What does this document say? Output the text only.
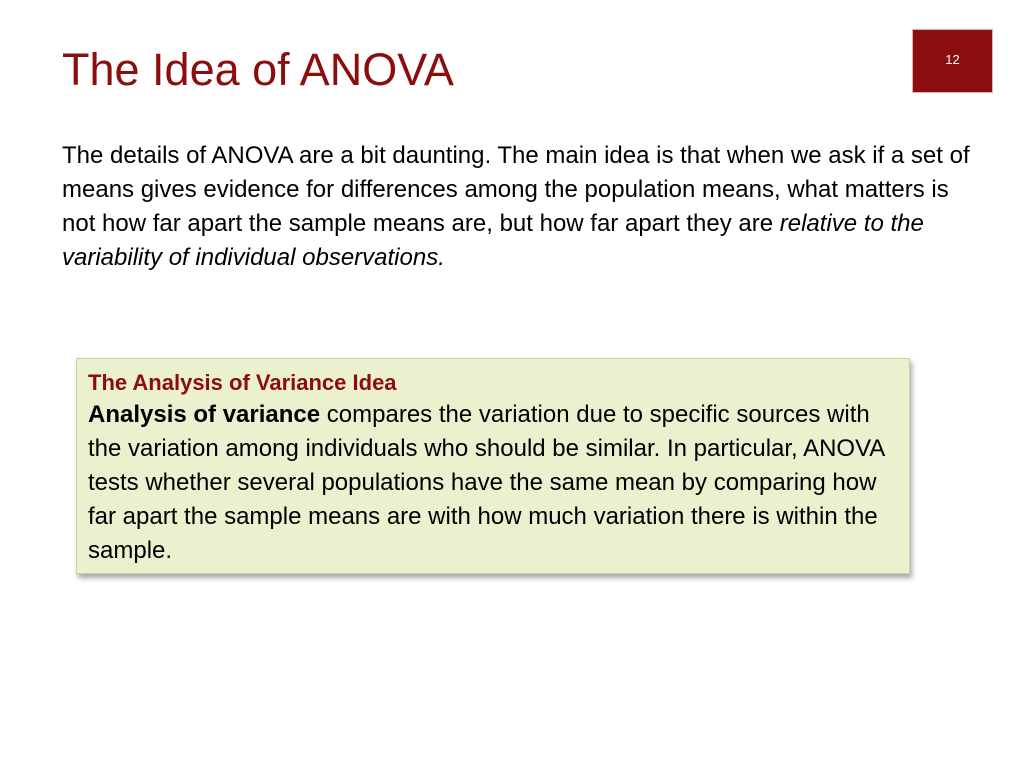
The Idea of ANOVA	12

The details of ANOVA are a bit daunting. The main idea is that when we ask if a set of means gives evidence for differences among the population means, what matters is not how far apart the sample means are, but how far apart they are relative to the variability of individual observations.

The Analysis of Variance Idea

Analysis of variance compares the variation due to specific sources with the variation among individuals who should be similar. In particular, ANOVA tests whether several populations have the same mean by comparing how far apart the sample means are with how much variation there is within the sample.
